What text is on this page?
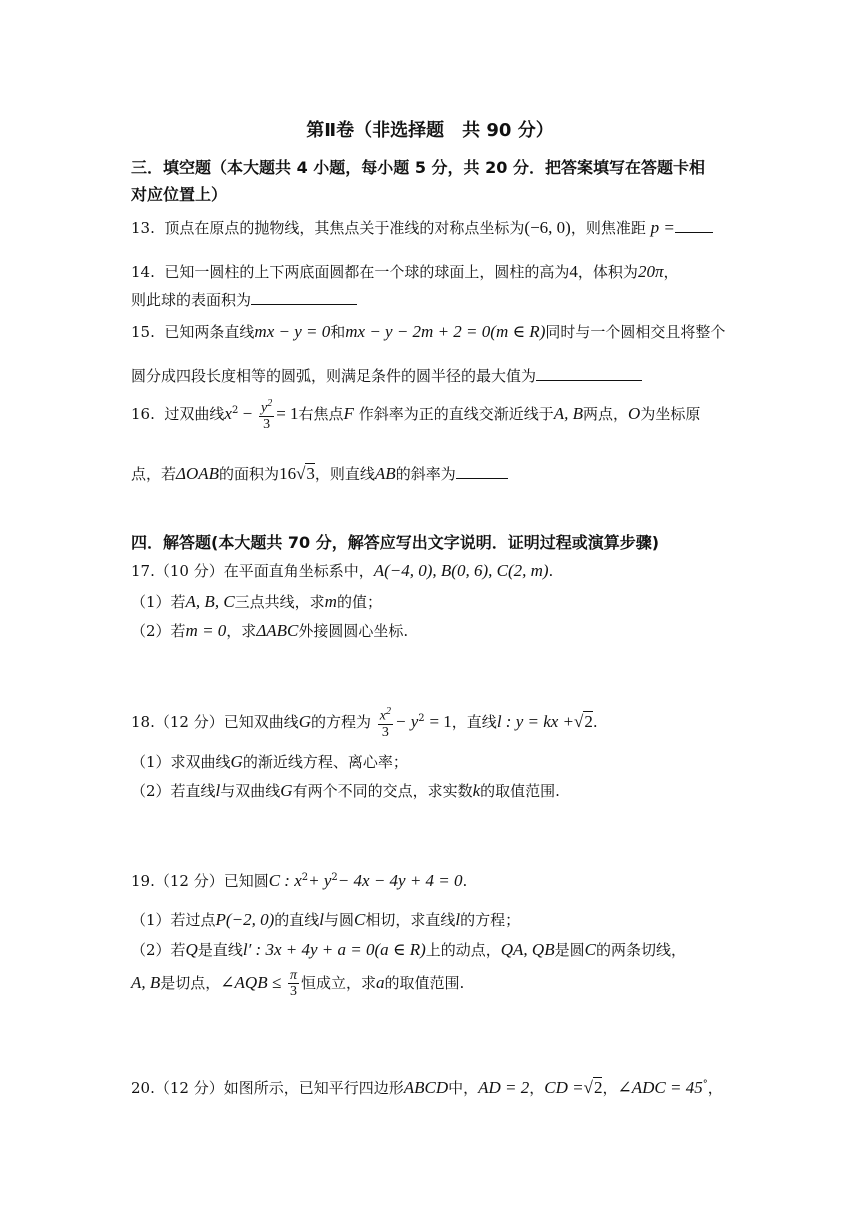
第Ⅱ卷（非选择题　共 90 分）
三．填空题（本大题共 4 小题，每小题 5 分，共 20 分．把答案填写在答题卡相
对应位置上）
13. 顶点在原点的抛物线，其焦点关于准线的对称点坐标为(−6, 0)，则焦准距 p =
14. 已知一圆柱的上下两底面圆都在一个球的球面上，圆柱的高为4，体积为20π，
则此球的表面积为
15. 已知两条直线mx − y = 0和mx − y − 2m + 2 = 0(m ∈ R)同时与一个圆相交且将整个
圆分成四段长度相等的圆弧，则满足条件的圆半径的最大值为
16. 过双曲线$x^2 - \frac{y^2}{3} = 1$右焦点F 作斜率为正的直线交渐近线于A, B两点，O为坐标原
点，若ΔOAB的面积为16√3，则直线AB的斜率为
四．解答题(本大题共 70 分，解答应写出文字说明．证明过程或演算步骤)
17.（10 分）在平面直角坐标系中，A(−4, 0), B(0, 6), C(2, m).
（1）若A, B, C三点共线，求m的值；
（2）若m = 0，求ΔABC外接圆圆心坐标.
18.（12 分）已知双曲线G的方程为 $\frac{x^2}{3} - y^2 = 1$，直线l : y = kx +√2.
（1）求双曲线G的渐近线方程、离心率；
（2）若直线l与双曲线G有两个不同的交点，求实数k的取值范围.
19.（12 分）已知圆C : $x^2+ y^2- 4x - 4y + 4 = 0$.
（1）若过点P(−2, 0)的直线l与圆C相切，求直线l的方程；
（2）若Q是直线l′ : 3x + 4y + a = 0(a ∈ R)上的动点，QA, QB是圆C的两条切线，
A, B是切点，∠AQB ≤ $\frac{\pi}{3}$ 恒成立，求a的取值范围.
20.（12 分）如图所示，已知平行四边形ABCD中，AD = 2，CD =√2，∠ADC = 45°，
